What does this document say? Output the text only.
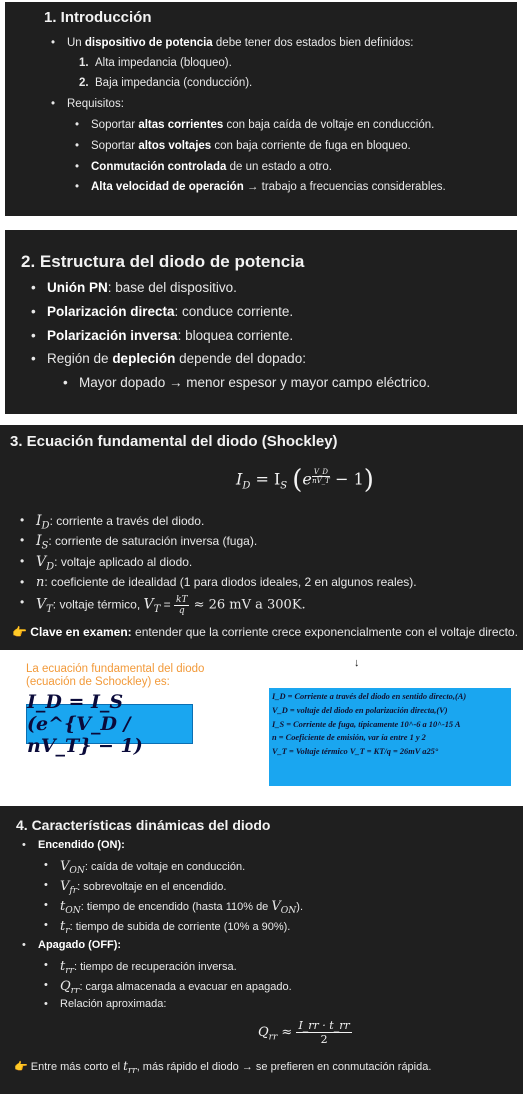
1. Introducción
• Un dispositivo de potencia debe tener dos estados bien definidos:
1. Alta impedancia (bloqueo).
2. Baja impedancia (conducción).
• Requisitos:
• Soportar altas corrientes con baja caída de voltaje en conducción.
• Soportar altos voltajes con baja corriente de fuga en bloqueo.
• Conmutación controlada de un estado a otro.
• Alta velocidad de operación → trabajo a frecuencias considerables.
2. Estructura del diodo de potencia
• Unión PN: base del dispositivo.
• Polarización directa: conduce corriente.
• Polarización inversa: bloquea corriente.
• Región de depleción depende del dopado:
• Mayor dopado → menor espesor y mayor campo eléctrico.
3. Ecuación fundamental del diodo (Shockley)
$I_D = I_S$ (e $^{\frac{V\_D}{nV\_T}}$ − 1)
• $I_D$: corriente a través del diodo.
• $I_S$: corriente de saturación inversa (fuga).
• $V_D$: voltaje aplicado al diodo.
• n: coeficiente de idealidad (1 para diodos ideales, 2 en algunos reales).
• $V_T$: voltaje térmico, $V_T = \frac{kT}{q} \approx 26$ mV a 300K.
👉 Clave en examen: entender que la corriente crece exponencialmente con el voltaje directo.
↓
La ecuación fundamental del diodo
(ecuación de Schockley) es:
I_D = I_S (e^{V_D / nV_T} − 1)
I_D = Corriente a través del diodo en sentido directo,(A)
V_D = voltaje del diodo en polarización directa,(V)
I_S = Corriente de fuga, típicamente 10^-6 a 10^-15 A
n = Coeficiente de emisión, var ía entre 1 y 2
V_T = Voltaje térmico V_T = KT/q = 26mV a25°
4. Características dinámicas del diodo
• Encendido (ON):
• $V_{ON}$: caída de voltaje en conducción.
• $V_{fr}$: sobrevoltaje en el encendido.
• $t_{ON}$: tiempo de encendido (hasta 110% de $V_{ON}$).
• $t_r$: tiempo de subida de corriente (10% a 90%).
• Apagado (OFF):
• $t_{rr}$: tiempo de recuperación inversa.
• $Q_{rr}$: carga almacenada a evacuar en apagado.
• Relación aproximada:
$Q_{rr} \approx \frac{I\_rr \cdot t\_rr}{2}$
👉 Entre más corto el $t_{rr}$, más rápido el diodo → se prefieren en conmutación rápida.
